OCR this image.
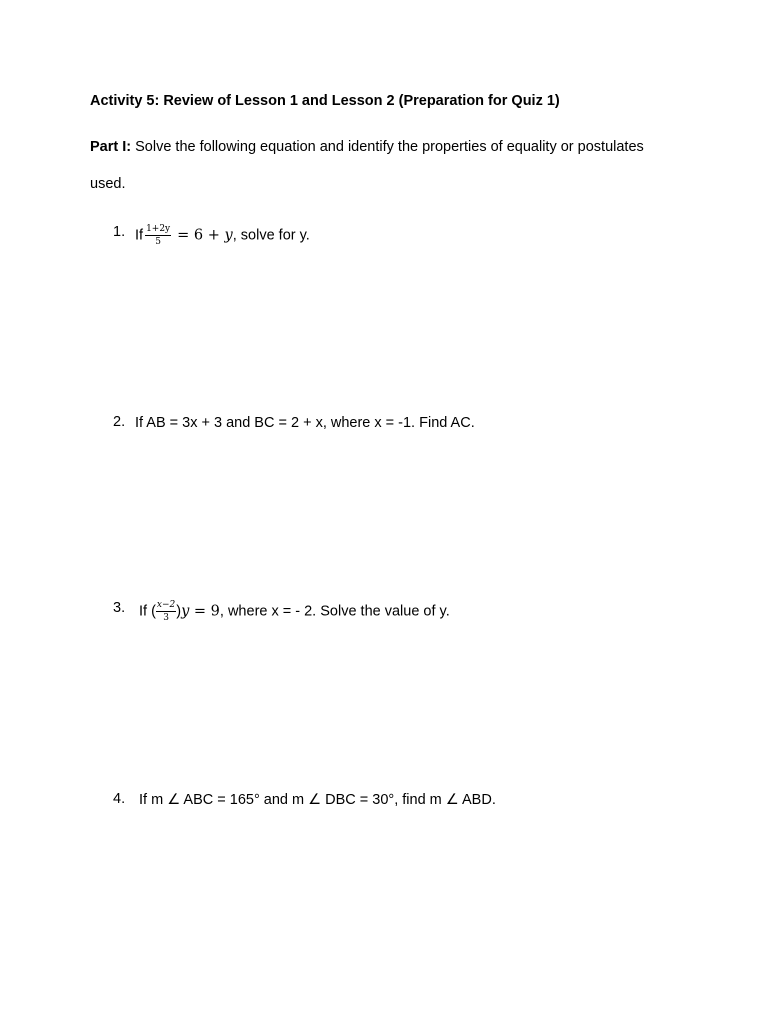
Activity 5: Review of Lesson 1 and Lesson 2 (Preparation for Quiz 1)
Part I: Solve the following equation and identify the properties of equality or postulates
used.
1. If $\frac{1+2y}{5} = 6 + y$, solve for y.
2. If AB = 3x + 3 and BC = 2 + x, where x = -1. Find AC.
3. If ( $\frac{x-2}{3} )y = 9$, where x = - 2. Solve the value of y.
4. If m ∠ ABC = 165° and m ∠ DBC = 30°, find m ∠ ABD.
